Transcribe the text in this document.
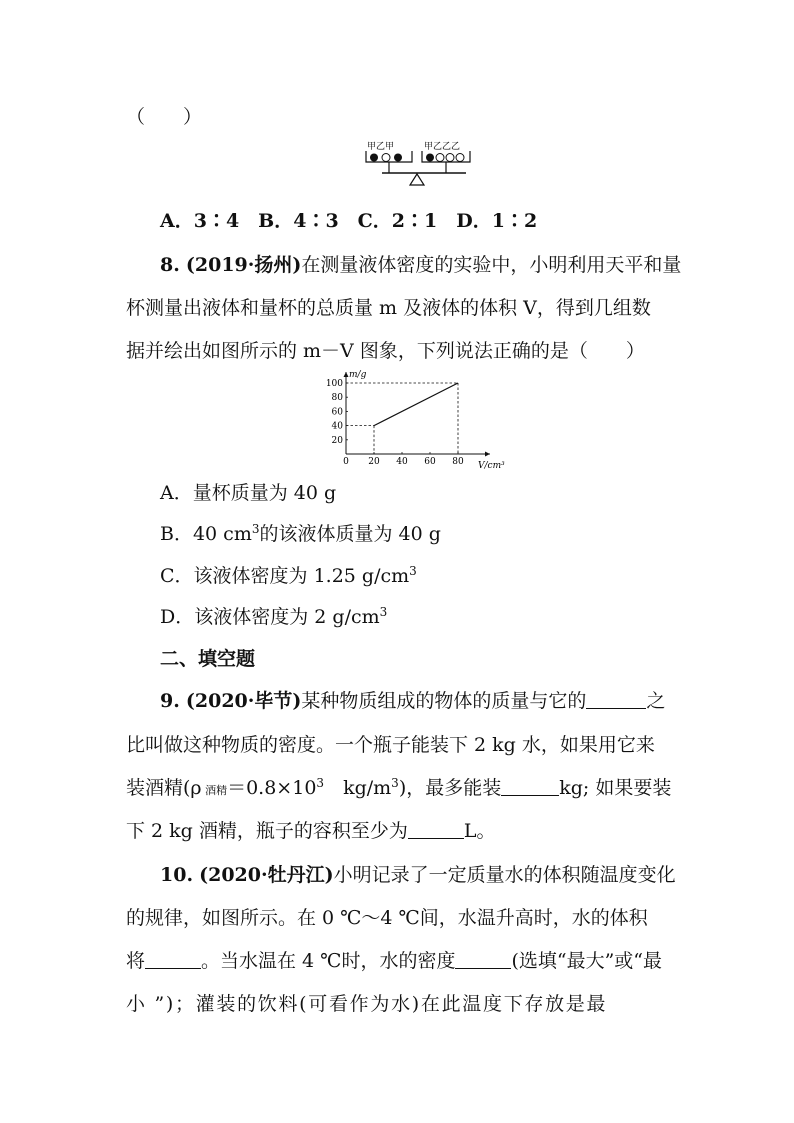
（　　）
甲乙甲	甲乙乙乙
A．3∶4　B．4∶3　C．2∶1　D．1∶2
8. (2019·扬州)在测量液体密度的实验中，小明利用天平和量
杯测量出液体和量杯的总质量 m 及液体的体积 V，得到几组数
据并绘出如图所示的 m－V 图象，下列说法正确的是（　　）
0 20 40 60 80
20
40
60
80
100
m/g
V/cm³
A．量杯质量为 40 g
B．40 $cm^3$的该液体质量为 40 g
C．该液体密度为 1.25 $g/cm^3$
D．该液体密度为 2 $g/cm^3$
二、填空题
9. (2020·毕节)某种物质组成的物体的质量与它的	之
比叫做这种物质的密度。一个瓶子能装下 2 kg 水，如果用它来
装酒精(ρ 酒精$=0.8\times 10^3$　$kg/m^3$)，最多能装	kg; 如果要装
下 2 kg 酒精，瓶子的容积至少为	L。
10. (2020·牡丹江)小明记录了一定质量水的体积随温度变化
的规律，如图所示。在 0 ℃～4 ℃间，水温升高时，水的体积
将	。当水温在 4 ℃时，水的密度	(选填“最大”或“最
小 ”)；灌装的饮料(可看作为水)在此温度下存放是最
